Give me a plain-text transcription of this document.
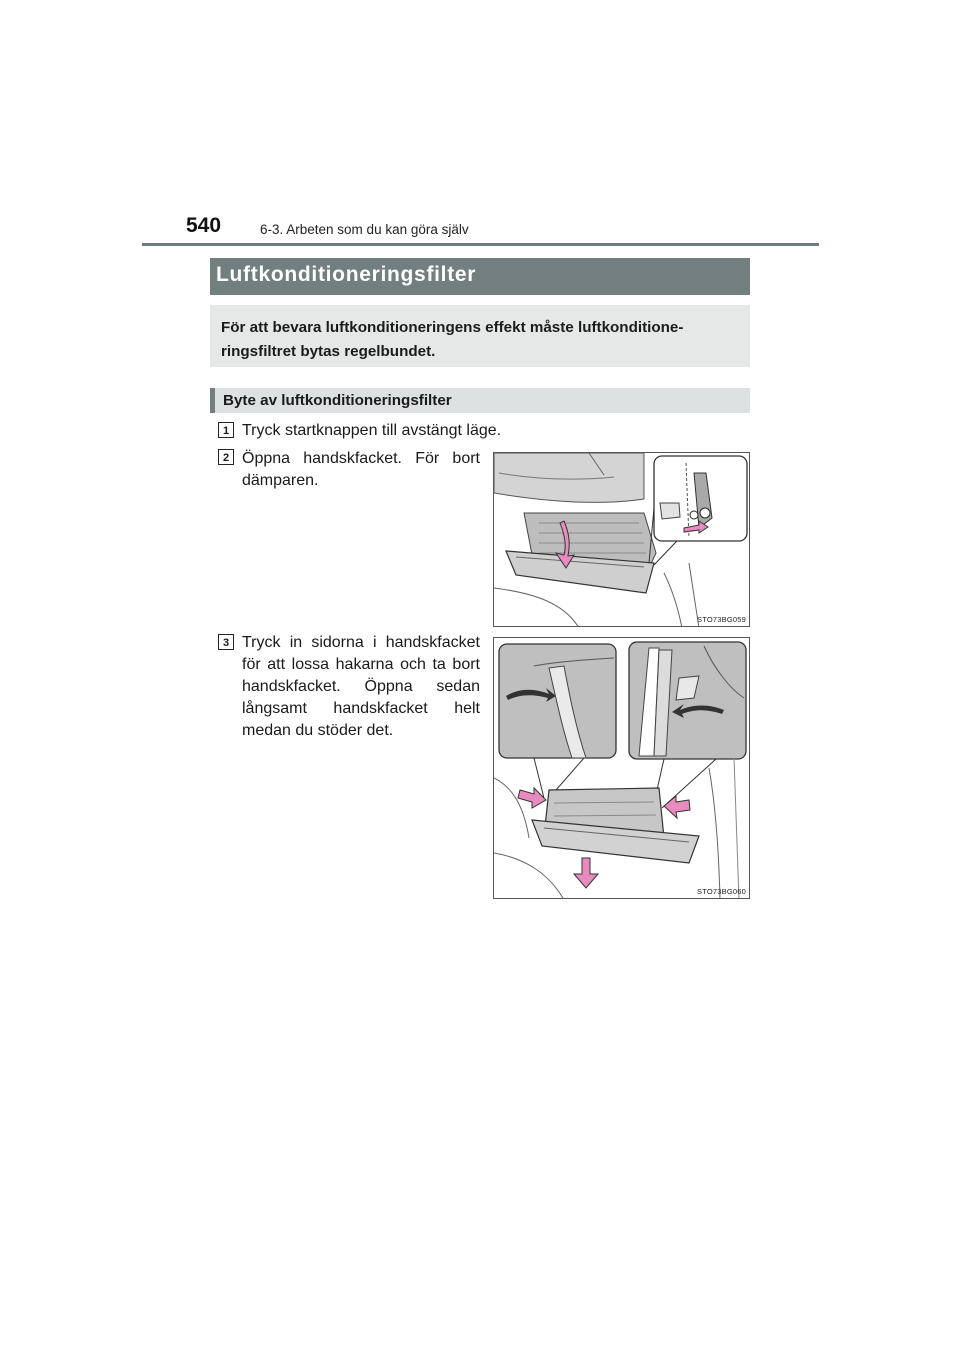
540	6-3. Arbeten som du kan göra själv
Luftkonditioneringsfilter
För att bevara luftkonditioneringens effekt måste luftkonditione-ringsfiltret bytas regelbundet.
Byte av luftkonditioneringsfilter
1 Tryck startknappen till avstängt läge.
2 Öppna handskfacket. För bort dämparen.
STO73BG059
3 Tryck in sidorna i handskfacket för att lossa hakarna och ta bort handskfacket. Öppna sedan långsamt handskfacket helt medan du stöder det.
STO73BG060
